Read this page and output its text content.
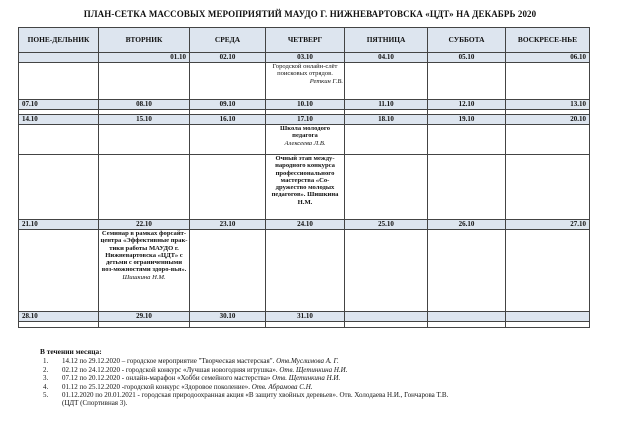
ПЛАН-СЕТКА МАССОВЫХ МЕРОПРИЯТИЙ МАУДО Г. НИЖНЕВАРТОВСКА «ЦДТ» НА ДЕКАБРЬ 2020
ПОНЕ-ДЕЛЬНИК	ВТОРНИК	СРЕДА	ЧЕТВЕРГ	ПЯТНИЦА	СУББОТА	ВОСКРЕСЕ-НЬЕ
	01.10	02.10	03.10	04.10	05.10	06.10

			Городской онлайн-слёт поисковых отрядов.
Реткин Г.В.			

07.10	08.10	09.10	10.10	11.10	12.10	13.10

14.10	15.10	16.10	17.10	18.10	19.10	20.10

			Школа молодого педагога
Алексеева Л.В.			

			Очный этап между-народного конкурса профессионального мастерства «Со-дружество молодых педагогов». Шишкина Н.М.			

21.10	22.10	23.10	24.10	25.10	26.10	27.10

	Семинар в рамках форсайт-центра «Эффективные прак-тики работы МАУДО г. Нижневартовска «ЦДТ» с детьми с ограниченными воз-можностями здоро-вья». Шишкина Н.М.					

28.10	29.10	30.10	31.10			

В течении месяца:
1.	14.12 по 29.12.2020 – городское мероприятие "Творческая мастерская". Отв.Муслимова А. Г.
2.	02.12 по 24.12.2020 - городской конкурс «Лучшая новогодняя игрушка». Отв. Щетинкина Н.И.
3.	07.12 по 20.12.2020 - онлайн-марафон «Хобби семейного мастерства» Отв. Щетинкина Н.И.
4.	01.12 по 25.12.2020 -городской конкурс «Здоровое поколение». Отв. Абрамова С.Н.
5.	01.12.2020 по 20.01.2021 - городская природоохранная акция «В защиту хвойных деревьев». Отв. Холодаева Н.И., Гончарова Т.В.
(ЦДТ (Спортивная 3).
